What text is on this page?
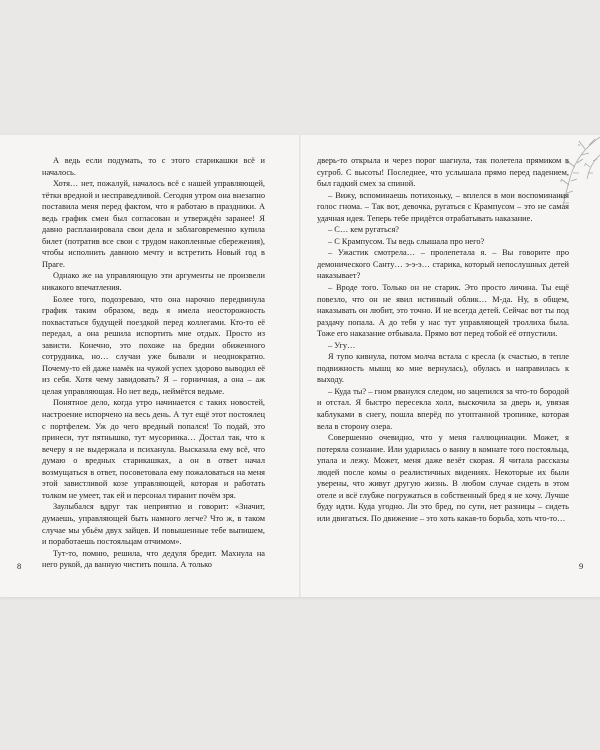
А ведь если подумать, то с этого старикашки всё и началось.

Хотя… нет, пожалуй, началось всё с нашей управляющей, тётки вредной и несправедливой. Сегодня утром она внезапно поставила меня перед фактом, что я работаю в праздники. А ведь график смен был согласован и утверждён заранее! Я давно распланировала свои дела и заблаговременно купила билет (потратив все свои с трудом накопленные сбережения), чтобы исполнить давнюю мечту и встретить Новый год в Праге.

Однако же на управляющую эти аргументы не произвели никакого впечатления.

Более того, подозреваю, что она нарочно передвинула график таким образом, ведь я имела неосторожность похвастаться будущей поездкой перед коллегами. Кто-то её передал, а она решила испортить мне отдых. Просто из зависти. Конечно, это похоже на бредни обиженного сотрудника, но… случаи уже бывали и неоднократно. Почему-то ей даже намёк на чужой успех здорово выводил её из себя. Хотя чему завидовать? Я – горничная, а она – аж целая управляющая. Но нет ведь, неймётся ведьме.

Понятное дело, когда утро начинается с таких новостей, настроение испорчено на весь день. А тут ещё этот постоялец с портфелем. Уж до чего вредный попался! То подай, это принеси, тут пятнышко, тут мусоринка… Достал так, что к вечеру я не выдержала и психанула. Высказала ему всё, что думаю о вредных старикашках, а он в ответ начал возмущаться в ответ, посоветовала ему пожаловаться на меня этой завистливой козе управляющей, которая и работать толком не умеет, так ей и персонал тиранит почём зря.

Заулыбался вдруг так неприятно и говорит: «Значит, думаешь, управляющей быть намного легче? Что ж, в таком случае мы убьём двух зайцев. И повышенные тебе выпишем, и поработаешь постояльцам отчимом».

Тут-то, помню, решила, что дедуля бредит. Махнула на него рукой, да ванную чистить пошла. А только

8

дверь-то открыла и через порог шагнула, так полетела прямиком в сугроб. С высоты! Последнее, что услышала прямо перед падением, был гадкий смех за спиной.

– Вижу, вспоминаешь потихоньку, – вплелся в мои воспоминания голос гнома. – Так вот, девочка, ругаться с Крампусом – это не самая удачная идея. Теперь тебе придётся отрабатывать наказание.

– С… кем ругаться?

– С Крампусом. Ты ведь слышала про него?

– Ужастик смотрела… – пролепетала я. – Вы говорите про демонического Санту… э-э-э… старика, который непослушных детей наказывает?

– Вроде того. Только он не старик. Это просто личина. Ты ещё повезло, что он не явил истинный облик… М-да. Ну, в общем, наказывать он любит, это точно. И не всегда детей. Сейчас вот ты под раздачу попала. А до тебя у нас тут управляющей троллиха была. Тоже его наказание отбывала. Прямо вот перед тобой её отпустили.

– Угу…

Я тупо кивнула, потом молча встала с кресла (к счастью, в тепле подвижность мышц ко мне вернулась), обулась и направилась к выходу.

– Куда ты? – гном рванулся следом, но зацепился за что-то бородой и отстал. Я быстро пересекла холл, выскочила за дверь и, увязая каблуками в снегу, пошла вперёд по утоптанной тропинке, которая вела в сторону озера.

Совершенно очевидно, что у меня галлюцинации. Может, я потеряла сознание. Или ударилась о ванну в комнате того постояльца, упала и лежу. Может, меня даже везёт скорая. Я читала рассказы людей после комы о реалистичных видениях. Некоторые их были уверены, что живут другую жизнь. В любом случае сидеть в этом отеле и всё глубже погружаться в собственный бред я не хочу. Лучше буду идти. Куда угодно. Ли это бред, по сути, нет разницы – сидеть или двигаться. По движение – это хоть какая-то борьба, хоть что-то…

9
